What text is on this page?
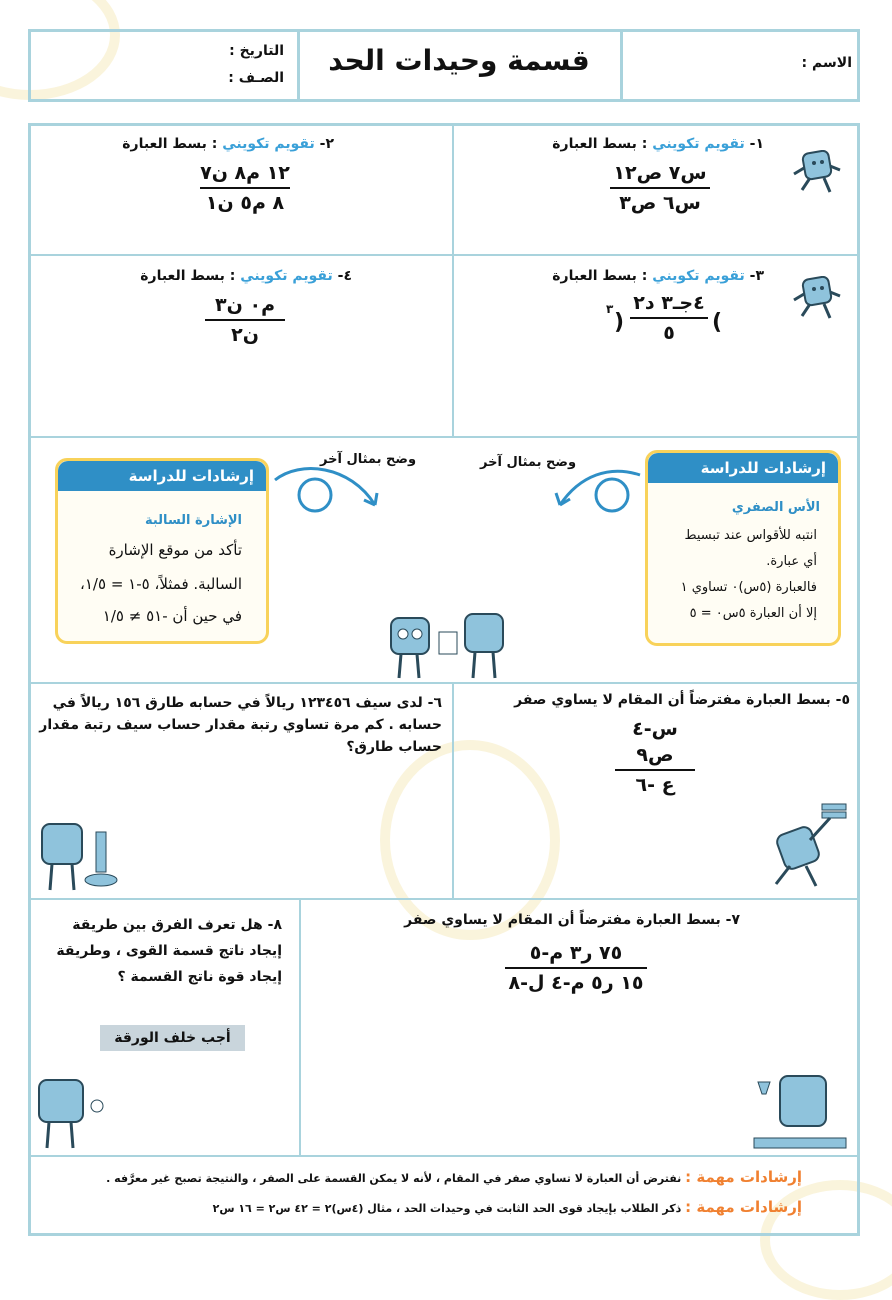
الاسم :
قسمة وحيدات الحد
التاريخ :
الصـف :
١- تقويم تكويني : بسط العبارة
س٧ ص١٢
س٦ ص٣
٢- تقويم تكويني : بسط العبارة
١٢ م٨ ن٧
٨ م٥ ن١
٣- تقويم تكويني : بسط العبارة
(
٤جـ٣ د٢
٥
)
٣
٤- تقويم تكويني : بسط العبارة
م٠ ن٣
ن٢
إرشادات للدراسة
الأس الصفري
انتبه للأقواس عند تبسيط
أي عبارة.
فالعبارة (٥س)٠ تساوي ١
إلا أن العبارة ٥س٠ = ٥
إرشادات للدراسة
الإشارة السالبة
تأكد من موقع الإشارة
السالبة. فمثلاً، ٥-١ = ١/٥،
في حين أن -٥١ ≠ ١/٥
وضح بمثال آخر
وضح بمثال آخر
٥- بسط العبارة مفترضاً أن المقام لا يساوي صفر
س-٤ ص٩
ع -٦
٦- لدى سيف ١٢٣٤٥٦ ريالاً في حسابه طارق ١٥٦ ريالاً في حسابه . كم مرة تساوي رتبة مقدار حساب سيف رتبة مقدار حساب طارق؟
٧- بسط العبارة مفترضاً أن المقام لا يساوي صفر
٧٥ ر٣ م-٥
١٥ ر٥ م-٤ ل-٨
٨- هل تعرف الفرق بين طريقة إيجاد ناتج قسمة القوى ، وطريقة إيجاد قوة ناتج القسمة ؟
أجب خلف الورقة
إرشادات مهمة : نفترض أن العبارة لا تساوي صفر في المقام ، لأنه لا يمكن القسمة على الصفر ، والنتيجة تصبح غير معرَّفه .
إرشادات مهمة : ذكر الطلاب بإيجاد قوى الحد الثابت في وحيدات الحد ، مثال (٤س)٢ = ٤٢ س٢ = ١٦ س٢
